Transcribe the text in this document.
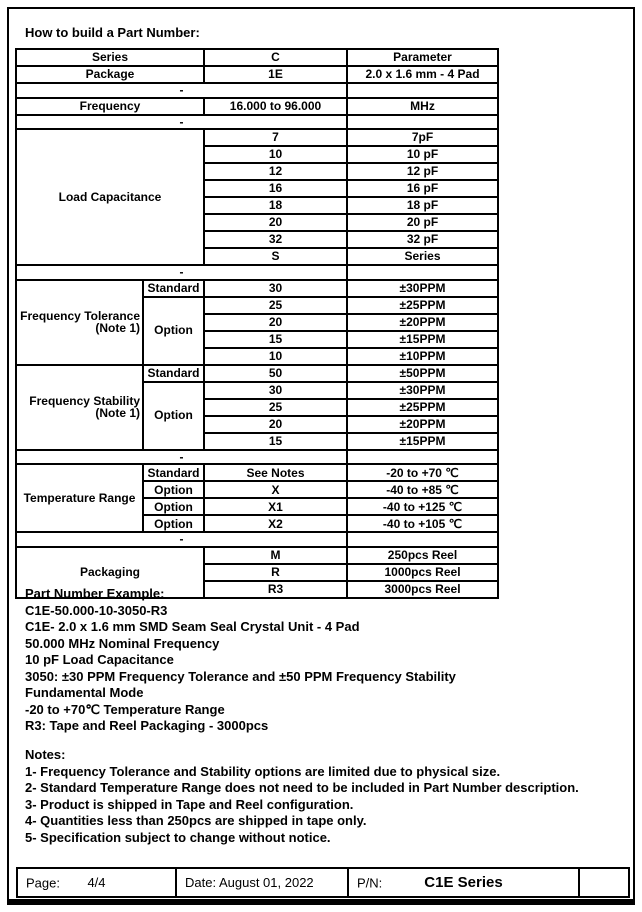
How to build a Part Number:
Series		C	Parameter
Package		1E	2.0 x 1.6 mm - 4 Pad
-			
Frequency		16.000 to 96.000	MHz
-			
Load Capacitance		7	7pF
		10	10 pF
		12	12 pF
		16	16 pF
		18	18 pF
		20	20 pF
		32	32 pF
		S	Series
-			

Frequency Tolerance
(Note 1)	Standard	30	±30PPM
	Option	25	±25PPM
		20	±20PPM
		15	±15PPM
		10	±10PPM

Frequency Stability
(Note 1)	Standard	50	±50PPM
	Option	30	±30PPM
		25	±25PPM
		20	±20PPM
		15	±15PPM
-			
Temperature Range	Standard	See Notes	-20 to +70 ℃
	Option	X	-40 to +85 ℃
	Option	X1	-40 to +125 ℃
	Option	X2	-40 to +105 ℃
-			
Packaging		M	250pcs Reel
		R	1000pcs Reel
		R3	3000pcs Reel
Part Number Example:
C1E-50.000-10-3050-R3
C1E- 2.0 x 1.6 mm SMD Seam Seal Crystal Unit - 4 Pad
50.000 MHz Nominal Frequency
10 pF Load Capacitance
3050: ±30 PPM Frequency Tolerance and ±50 PPM Frequency Stability
Fundamental Mode
-20 to +70℃ Temperature Range
R3: Tape and Reel Packaging - 3000pcs
Notes:
1- Frequency Tolerance and Stability options are limited due to physical size.
2- Standard Temperature Range does not need to be included in Part Number description.
3- Product is shipped in Tape and Reel configuration.
4- Quantities less than 250pcs are shipped in tape only.
5- Specification subject to change without notice.
Page:	4/4	Date: August 01, 2022	P/N:	C1E Series
